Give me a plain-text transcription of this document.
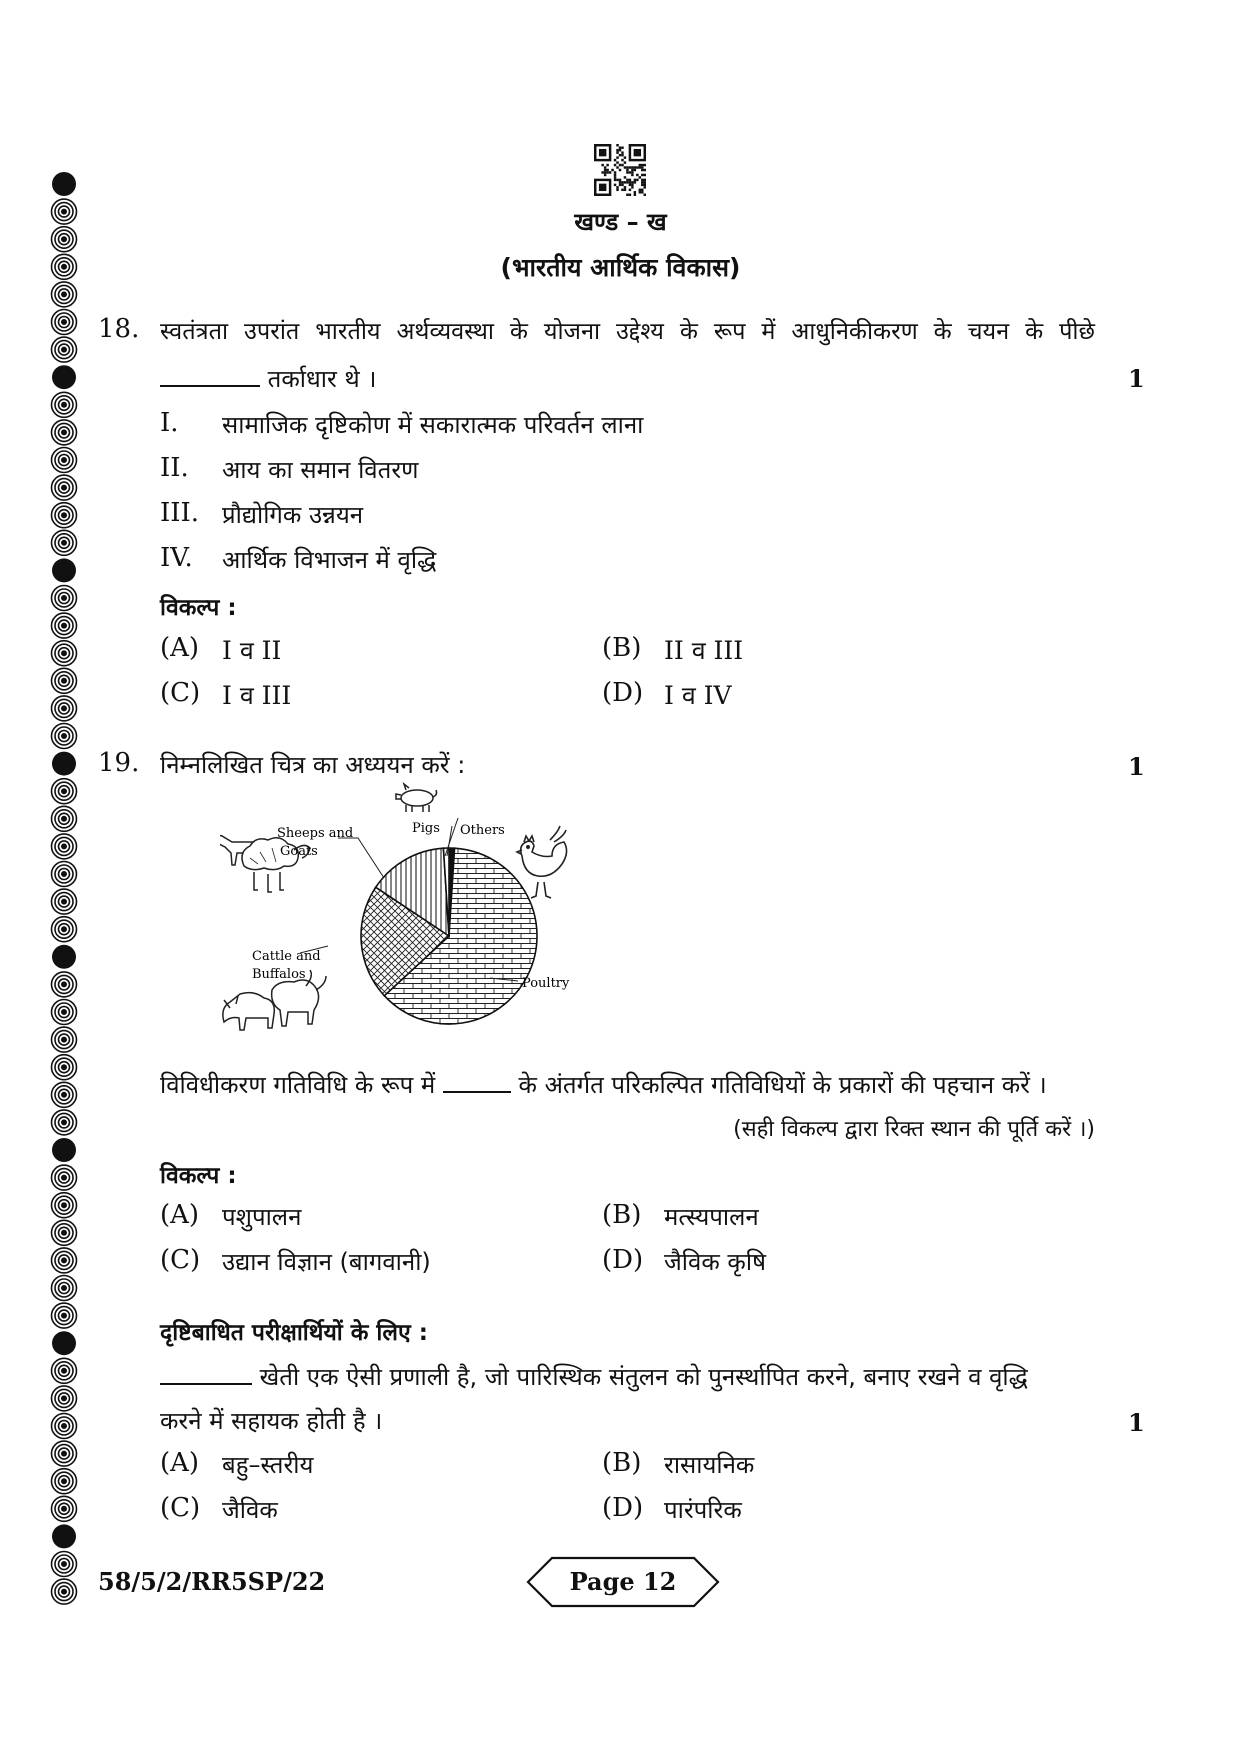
खण्ड – ख
(भारतीय आर्थिक विकास)
18. स्वतंत्रता उपरांत भारतीय अर्थव्यवस्था के योजना उद्देश्य के रूप में आधुनिकीकरण के चयन के पीछे
तर्काधार थे ।	1
I. सामाजिक दृष्टिकोण में सकारात्मक परिवर्तन लाना
II. आय का समान वितरण
III. प्रौद्योगिक उन्नयन
IV. आर्थिक विभाजन में वृद्धि
विकल्प :
(A) I व II	(B) II व III
(C) I व III	(D) I व IV
19. निम्नलिखित चित्र का अध्ययन करें :	1
Sheeps and
Goats
Pigs Others
Cattle and
Buffalos
Poultry
विविधीकरण गतिविधि के रूप में	के अंतर्गत परिकल्पित गतिविधियों के प्रकारों की पहचान करें ।
(सही विकल्प द्वारा रिक्त स्थान की पूर्ति करें ।)
विकल्प :
(A) पशुपालन	(B) मत्स्यपालन
(C) उद्यान विज्ञान (बागवानी)	(D) जैविक कृषि
दृष्टिबाधित परीक्षार्थियों के लिए :
खेती एक ऐसी प्रणाली है, जो पारिस्थिक संतुलन को पुनर्स्थापित करने, बनाए रखने व वृद्धि
करने में सहायक होती है ।	1
(A) बहु–स्तरीय	(B) रासायनिक
(C) जैविक	(D) पारंपरिक
58/5/2/RR5SP/22	Page 12
